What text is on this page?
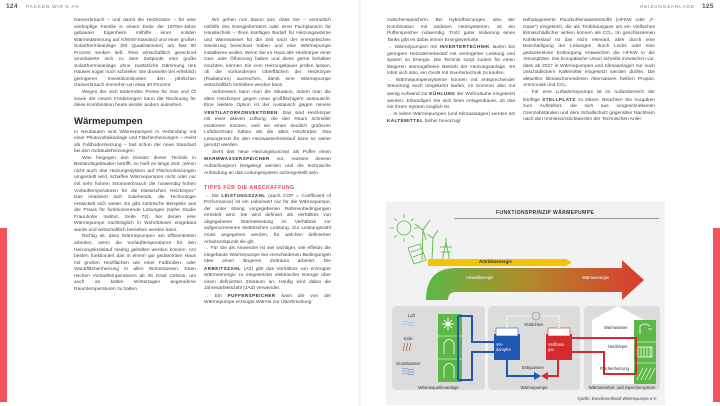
124 PACKEN WIR'S AN	HEIZUNGSANLAGE 125

Gasverbrauch – und damit die Heizkosten – für eine vierköpfige Familie in einem Ende der 1970er-Jahre gebauten Eigenheim mithilfe einer soliden Wärmedämmung auf KfW40-Standard und einer großen Solarthermieanlage (50 Quadratmeter) um fast 90 Prozent senken ließ. Rein wirtschaftlich gerechnet amortisierte sich zu dem Zeitpunkt eine große Solarthermieanlage ohne zusätzliche Dämmung des Hauses sogar noch schneller. Sie drosselte bei erheblich geringeren Investitionskosten den jährlichen Gasverbrauch immerhin um etwa 40 Prozent.

Wegen der sich ändernden Preise für Gas und Öl sowie der neuen Förderungen kann die Rechnung für diese Kombination heute wieder anders aussehen.

Wärmepumpen

In Neubauten sind Wärmepumpen in Verbindung mit einer Photovoltaikanlage und Flächenheizungen – meist als Fußbodenheizung – fast schon der neue Standard bei den Gebäudeheizungen.

Was hingegen den Einsatz dieser Technik in Bestandsgebäuden betrifft, so hieß es lange Zeit: „Wenn nicht auch das Heizungssystem auf Flächenheizungen umgestellt wird, schaffen Wärmepumpen nicht oder nur mit sehr hohem Stromverbrauch die notwendig hohen Vorlauftemperaturen für die klassischen Heizkörper.“ Das relativiert sich zusehends, die Technologie entwickelt sich weiter. Es gibt zahlreiche Beispiele aus der Praxis für funktionierende Lösungen (siehe Studie Fraunhofer Institut, Seite 72), bei denen eine Wärmepumpe nachträglich in Wohnhäuser eingebaut wurde und wirtschaftlich betrieben werden kann.

Richtig ist, dass Wärmepumpen am effizientesten arbeiten, wenn die Vorlauftemperaturen für den Heizungskreislauf niedrig gehalten werden können. Am besten funktioniert das in einem gut gedämmten Haus mit großen Heizflächen wie einer Fußboden- oder Wandflächenheizung in allen Wohnräumen. Dann reichen Vorlauftemperaturen ab 35 Grad Celsius, um auch an kalten Wintertagen angenehme Raumtemperaturen zu halten.

Wir gehen nun davon aus, dass Sie – vermutlich mithilfe des Energieberaters oder einer Fachplanerin für Haustechnik – Ihren künftigen Bedarf für Heizungswärme und Warmwasser für die Zeit nach der energetischen Sanierung berechnet haben und eine Wärmepumpe installieren wollen. Wenn Sie im Haus alte Heizkörper einer Gas- oder Ölheizung haben und diese gerne behalten möchten, können Sie vom Heizungsbauer prüfen lassen, ob die vorhandenen Oberflächen der Heizkörper (Radiatoren) ausreichen, damit eine Wärmepumpe wirtschaftlich betrieben werden kann.

Verbessern kann man die Situation, indem man die alten Heizkörper gegen neue großflächigere austauscht. Eine weitere Option ist der Austausch gegen neuere VENTILATORKONVEKTOREN. Das sind Heizkörper mit einer aktiven Lüftung, die den Raum schneller erwärmen können, weil sie einen deutlich größeren Luftdurchsatz haben als die alten Heizkörper. Das Leitungsnetz für den Heizwasserkreislauf kann so weiter genutzt werden.

Sieht das neue Heizungskonzept als Puffer einen WARMWASSERSPEICHER vor, müssen dessen Aufstellungsort festgelegt werden und die technische Anbindung an das Leitungssystem sichergestellt sein.

TIPPS FÜR DIE ANSCHAFFUNG

→ Die LEISTUNGSZAHL (auch COP = Coefficient of Performance) ist ein Laborwert nur für die Wärmepumpe, der unter streng vorgegebenen Rahmenbedingungen ermittelt wird. Sie wird definiert als Verhältnis von abgegebener Wärmeleistung im Verhältnis zur aufgenommenen elektrischen Leistung. Zur Leistungszahl muss angegeben werden, für welchen definierten Arbeitszeitpunkt sie gilt.

→ Für Sie als Anwender ist viel wichtiger, wie effektiv die eingebaute Wärmepumpe bei verschiedenen Bedingungen über einen längeren Zeitraum arbeitet: Die ARBEITSZAHL (AZ) gibt das Verhältnis von erzeugter Wärmeenergie zu eingesetzter elektrischer Energie über einen definierten Zeitraum an. Häufig wird dabei die Jahresarbeitszahl (JAZ) verwendet.

→ Ein PUFFERSPEICHER kann die von der Wärmepumpe erzeugte Wärme zur Überbrückung

zwischenspeichern. Bei Hybridheizungen, also der Kombination mit anderen Heizsystemen, ist ein Pufferspeicher notwendig. Trotz guter Isolierung eines Tanks gibt es dabei immer Energieverluste.

→ Wärmepumpen mit INVERTERTECHNIK laufen bei geringem Heizwärmebedarf mit verringerter Leistung und sparen so Energie. Die Technik sorgt zudem für einen längeren störungsfreien Betrieb der Heizungsanlage. Es lohnt sich also, ein Gerät mit Invertertechnik zu kaufen.

→ Wärmepumpensysteme können mit entsprechender Steuerung auch umgekehrt laufen, im Sommer also mit wenig Aufwand zur KÜHLUNG der Wohnräume eingesetzt werden. Erkundigen Sie sich beim Anlagenbauer, ob das mit Ihrem System möglich ist.

→ In vielen Wärmepumpen (und Klimaanlagen) werden als KÄLTEMITTEL bisher bevorzugt

teilhalogenierte Fluorkohlenwasserstoffe (HFKW oder „F-Gase“) eingesetzt, die als Treibhausgase um ein Vielfaches klimaschädlicher wirken können als CO₂. Im geschlossenen Kühlkreislauf ist das nicht relevant, aber durch eine Beschädigung der Leitungen, durch Lecks oder eine gedankenlose Entsorgung entweichen die HFKW in die Atmosphäre. Die Europäische Union schreibt inzwischen vor, dass ab 2027 in Wärmepumpen und Klimaanlagen nur noch unschädlichere Kältemittel eingesetzt werden dürfen. Die aktuellen klimaschonenderen Alternativen heißen Propan, Ammoniak und CO₂.

→ Für eine Luftwärmepumpe ist im Außenbereich der künftige STELLPLATZ zu klären. Beachten Sie Vorgaben zum Aufstellort, die sich aus vorgeschriebenen Grenzabständen und dem Schallschutz gegenüber Nachbarn nach den Immissionsrichtwerten der Technischen Anlei-

FUNKTIONSPRINZIP WÄRMEPUMPE
Antriebsenergie
Umweltenergie	Wärmeenergie
Luft
Erde
Grundwasser
Verdichten
Ver-
dampfer
Verflüssi-
ger
Entspannen
Warmwasser
Heizkörper
Flächenheizung
Wärmequellenanlage	Wärmepumpe	Wärmeverteil- und Speichersystem
Quelle: Bundesverband Wärmepumpe e.V.
